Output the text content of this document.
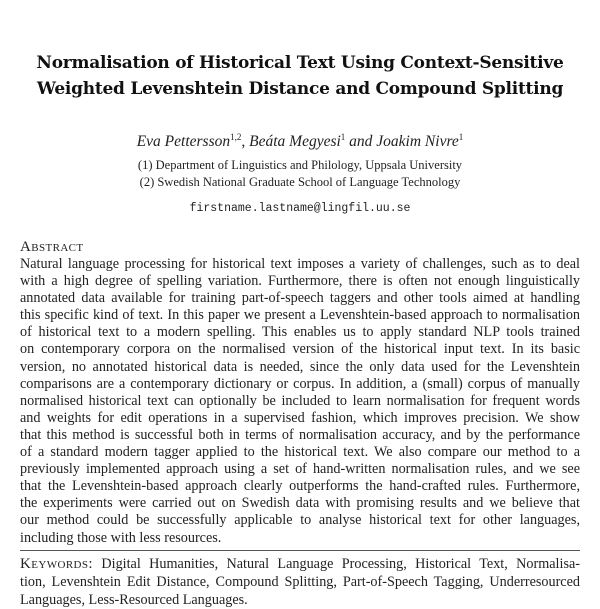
Normalisation of Historical Text Using Context-Sensitive
Weighted Levenshtein Distance and Compound Splitting
Eva Pettersson$^{1,2}$, Beáta Megyesi$^1$ and Joakim Nivre$^1$
(1) Department of Linguistics and Philology, Uppsala University
(2) Swedish National Graduate School of Language Technology
firstname.lastname@lingfil.uu.se
Abstract
Natural language processing for historical text imposes a variety of challenges, such as to deal
with a high degree of spelling variation. Furthermore, there is often not enough linguistically
annotated data available for training part-of-speech taggers and other tools aimed at handling
this specific kind of text. In this paper we present a Levenshtein-based approach to normalisation
of historical text to a modern spelling. This enables us to apply standard NLP tools trained
on contemporary corpora on the normalised version of the historical input text. In its basic
version, no annotated historical data is needed, since the only data used for the Levenshtein
comparisons are a contemporary dictionary or corpus. In addition, a (small) corpus of manually
normalised historical text can optionally be included to learn normalisation for frequent words
and weights for edit operations in a supervised fashion, which improves precision. We show
that this method is successful both in terms of normalisation accuracy, and by the performance
of a standard modern tagger applied to the historical text. We also compare our method to a
previously implemented approach using a set of hand-written normalisation rules, and we see
that the Levenshtein-based approach clearly outperforms the hand-crafted rules. Furthermore,
the experiments were carried out on Swedish data with promising results and we believe that
our method could be successfully applicable to analyse historical text for other languages,
including those with less resources.
Keywords: Digital Humanities, Natural Language Processing, Historical Text, Normalisa-
tion, Levenshtein Edit Distance, Compound Splitting, Part-of-Speech Tagging, Underresourced
Languages, Less-Resourced Languages.
